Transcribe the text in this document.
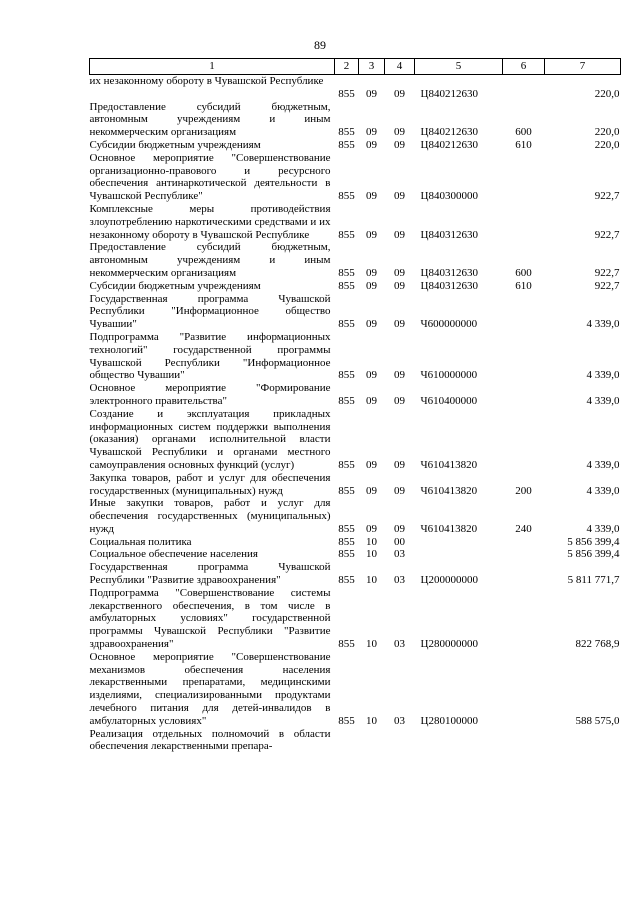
89
1	2	3	4	5	6	7
их незаконному обороту в Чувашской Республике						
	855	09	09	Ц840212630		220,0
Предоставление субсидий бюджетным, автономным учреждениям и иным некоммерческим организациям	855	09	09	Ц840212630	600	220,0
Субсидии бюджетным учреждениям	855	09	09	Ц840212630	610	220,0
Основное мероприятие "Совершенствование организационно-правового и ресурсного обеспечения антинаркотической деятельности в Чувашской Республике"	855	09	09	Ц840300000		922,7
Комплексные меры противодействия злоупотреблению наркотическими средствами и их незаконному обороту в Чувашской Республике	855	09	09	Ц840312630		922,7
Предоставление субсидий бюджетным, автономным учреждениям и иным некоммерческим организациям	855	09	09	Ц840312630	600	922,7
Субсидии бюджетным учреждениям	855	09	09	Ц840312630	610	922,7
Государственная программа Чувашской Республики "Информационное общество Чувашии"	855	09	09	Ч600000000		4 339,0
Подпрограмма "Развитие информационных технологий" государственной программы Чувашской Республики "Информационное общество Чувашии"	855	09	09	Ч610000000		4 339,0
Основное мероприятие "Формирование электронного правительства"	855	09	09	Ч610400000		4 339,0
Создание и эксплуатация прикладных информационных систем поддержки выполнения (оказания) органами исполнительной власти Чувашской Республики и органами местного самоуправления основных функций (услуг)	855	09	09	Ч610413820		4 339,0
Закупка товаров, работ и услуг для обеспечения государственных (муниципальных) нужд	855	09	09	Ч610413820	200	4 339,0
Иные закупки товаров, работ и услуг для обеспечения государственных (муниципальных) нужд	855	09	09	Ч610413820	240	4 339,0
Социальная политика	855	10	00			5 856 399,4
Социальное обеспечение населения	855	10	03			5 856 399,4
Государственная программа Чувашской Республики "Развитие здравоохранения"	855	10	03	Ц200000000		5 811 771,7
Подпрограмма "Совершенствование системы лекарственного обеспечения, в том числе в амбулаторных условиях" государственной программы Чувашской Республики "Развитие здравоохранения"	855	10	03	Ц280000000		822 768,9
Основное мероприятие "Совершенствование механизмов обеспечения населения лекарственными препаратами, медицинскими изделиями, специализированными продуктами лечебного питания для детей-инвалидов в амбулаторных условиях"	855	10	03	Ц280100000		588 575,0
Реализация отдельных полномочий в области обеспечения лекарственными препара-						
